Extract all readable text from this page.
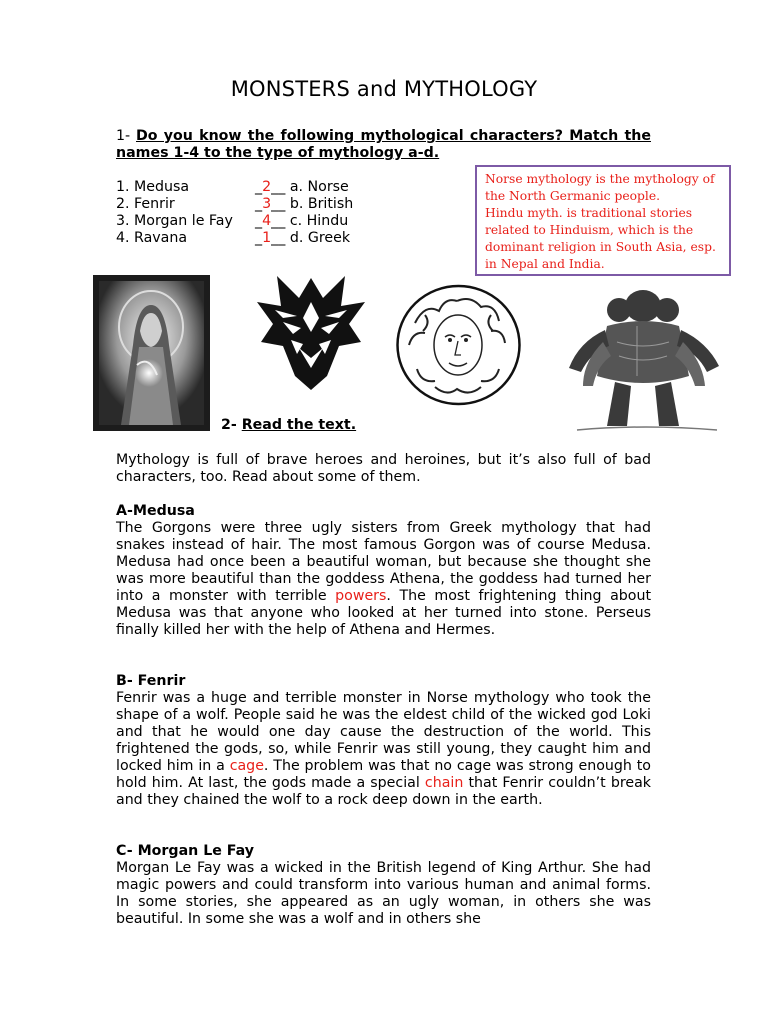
MONSTERS and MYTHOLOGY
1- Do you know the following mythological characters? Match the names 1-4 to the type of mythology a-d.
1. Medusa	_2__ a. Norse
2. Fenrir	_3__ b. British
3. Morgan le Fay _4__ c. Hindu
4. Ravana	_1__ d. Greek
Norse mythology is the mythology of
the North Germanic people.
Hindu myth. is traditional stories
related to Hinduism, which is the
dominant religion in South Asia, esp.
in Nepal and India.
2- Read the text.
Mythology is full of brave heroes and heroines, but it’s also full of bad characters, too. Read about some of them.
A-Medusa
The Gorgons were three ugly sisters from Greek mythology that had snakes instead of hair. The most famous Gorgon was of course Medusa. Medusa had once been a beautiful woman, but because she thought she was more beautiful than the goddess Athena, the goddess had turned her into a monster with terrible powers. The most frightening thing about Medusa was that anyone who looked at her turned into stone. Perseus finally killed her with the help of Athena and Hermes.
B- Fenrir
Fenrir was a huge and terrible monster in Norse mythology who took the shape of a wolf. People said he was the eldest child of the wicked god Loki and that he would one day cause the destruction of the world. This frightened the gods, so, while Fenrir was still young, they caught him and locked him in a cage. The problem was that no cage was strong enough to hold him. At last, the gods made a special chain that Fenrir couldn’t break and they chained the wolf to a rock deep down in the earth.
C- Morgan Le Fay
Morgan Le Fay was a wicked in the British legend of King Arthur. She had magic powers and could transform into various human and animal forms. In some stories, she appeared as an ugly woman, in others she was beautiful. In some she was a wolf and in others she
